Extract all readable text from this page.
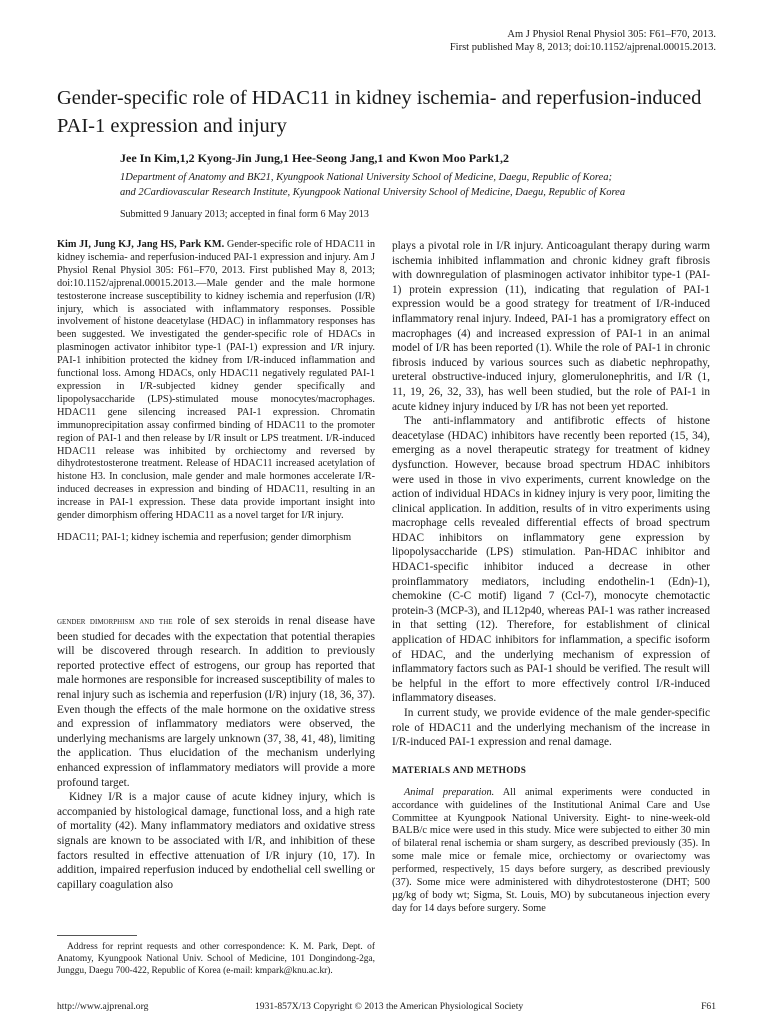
Am J Physiol Renal Physiol 305: F61–F70, 2013.
First published May 8, 2013; doi:10.1152/ajprenal.00015.2013.
Gender-specific role of HDAC11 in kidney ischemia- and reperfusion-induced PAI-1 expression and injury
Jee In Kim,1,2 Kyong-Jin Jung,1 Hee-Seong Jang,1 and Kwon Moo Park1,2
1Department of Anatomy and BK21, Kyungpook National University School of Medicine, Daegu, Republic of Korea;
and 2Cardiovascular Research Institute, Kyungpook National University School of Medicine, Daegu, Republic of Korea
Submitted 9 January 2013; accepted in final form 6 May 2013

Kim JI, Jung KJ, Jang HS, Park KM. Gender-specific role of HDAC11 in kidney ischemia- and reperfusion-induced PAI-1 expression and injury. Am J Physiol Renal Physiol 305: F61–F70, 2013. First published May 8, 2013; doi:10.1152/ajprenal.00015.2013.—Male gender and the male hormone testosterone increase susceptibility to kidney ischemia and reperfusion (I/R) injury, which is associated with inflammatory responses. Possible involvement of histone deacetylase (HDAC) in inflammatory responses has been suggested. We investigated the gender-specific role of HDACs in plasminogen activator inhibitor type-1 (PAI-1) expression and I/R injury. PAI-1 inhibition protected the kidney from I/R-induced inflammation and functional loss. Among HDACs, only HDAC11 negatively regulated PAI-1 expression in I/R-subjected kidney gender specifically and lipopolysaccharide (LPS)-stimulated mouse monocytes/macrophages. HDAC11 gene silencing increased PAI-1 expression. Chromatin immunoprecipitation assay confirmed binding of HDAC11 to the promoter region of PAI-1 and then release by I/R insult or LPS treatment. I/R-induced HDAC11 release was inhibited by orchiectomy and reversed by dihydrotestosterone treatment. Release of HDAC11 increased acetylation of histone H3. In conclusion, male gender and male hormones accelerate I/R-induced decreases in expression and binding of HDAC11, resulting in an increase in PAI-1 expression. These data provide important insight into gender dimorphism offering HDAC11 as a novel target for I/R injury.

HDAC11; PAI-1; kidney ischemia and reperfusion; gender dimorphism

gender dimorphism and the role of sex steroids in renal disease have been studied for decades with the expectation that potential therapies will be discovered through research. In addition to previously reported protective effect of estrogens, our group has reported that male hormones are responsible for increased susceptibility of males to renal injury such as ischemia and reperfusion (I/R) injury (18, 36, 37). Even though the effects of the male hormone on the oxidative stress and expression of inflammatory mediators were observed, the underlying mechanisms are largely unknown (37, 38, 41, 48), limiting the application. Thus elucidation of the mechanism underlying enhanced expression of inflammatory mediators will provide a more profound target.

Kidney I/R is a major cause of acute kidney injury, which is accompanied by histological damage, functional loss, and a high rate of mortality (42). Many inflammatory mediators and oxidative stress signals are known to be associated with I/R, and inhibition of these factors resulted in effective attenuation of I/R injury (10, 17). In addition, impaired reperfusion induced by endothelial cell swelling or capillary coagulation also

plays a pivotal role in I/R injury. Anticoagulant therapy during warm ischemia inhibited inflammation and chronic kidney graft fibrosis with downregulation of plasminogen activator inhibitor type-1 (PAI-1) protein expression (11), indicating that regulation of PAI-1 expression would be a good strategy for treatment of I/R-induced inflammatory renal injury. Indeed, PAI-1 has a promigratory effect on macrophages (4) and increased expression of PAI-1 in an animal model of I/R has been reported (1). While the role of PAI-1 in chronic fibrosis induced by various sources such as diabetic nephropathy, ureteral obstructive-induced injury, glomerulonephritis, and I/R (1, 11, 19, 26, 32, 33), has well been studied, but the role of PAI-1 in acute kidney injury induced by I/R has not been yet reported.

The anti-inflammatory and antifibrotic effects of histone deacetylase (HDAC) inhibitors have recently been reported (15, 34), emerging as a novel therapeutic strategy for treatment of kidney dysfunction. However, because broad spectrum HDAC inhibitors were used in those in vivo experiments, current knowledge on the action of individual HDACs in kidney injury is very poor, limiting the clinical application. In addition, results of in vitro experiments using macrophage cells revealed differential effects of broad spectrum HDAC inhibitors on inflammatory gene expression by lipopolysaccharide (LPS) stimulation. Pan-HDAC inhibitor and HDAC1-specific inhibitor induced a decrease in other proinflammatory mediators, including endothelin-1 (Edn)-1), chemokine (C-C motif) ligand 7 (Ccl-7), monocyte chemotactic protein-3 (MCP-3), and IL12p40, whereas PAI-1 was rather increased in that setting (12). Therefore, for establishment of clinical application of HDAC inhibitors for inflammation, a specific isoform of HDAC, and the underlying mechanism of expression of inflammatory factors such as PAI-1 should be verified. The result will be helpful in the effort to more effectively control I/R-induced inflammatory diseases.

In current study, we provide evidence of the male gender-specific role of HDAC11 and the underlying mechanism of the increase in I/R-induced PAI-1 expression and renal damage.

MATERIALS AND METHODS

Animal preparation. All animal experiments were conducted in accordance with guidelines of the Institutional Animal Care and Use Committee at Kyungpook National University. Eight- to nine-week-old BALB/c mice were used in this study. Mice were subjected to either 30 min of bilateral renal ischemia or sham surgery, as described previously (35). In some male mice or female mice, orchiectomy or ovariectomy was performed, respectively, 15 days before surgery, as described previously (37). Some mice were administered with dihydrotestosterone (DHT; 500 µg/kg of body wt; Sigma, St. Louis, MO) by subcutaneous injection every day for 14 days before surgery. Some

Address for reprint requests and other correspondence: K. M. Park, Dept. of Anatomy, Kyungpook National Univ. School of Medicine, 101 Dongindong-2ga, Junggu, Daegu 700-422, Republic of Korea (e-mail: kmpark@knu.ac.kr).
http://www.ajprenal.org	1931-857X/13 Copyright © 2013 the American Physiological Society	F61
